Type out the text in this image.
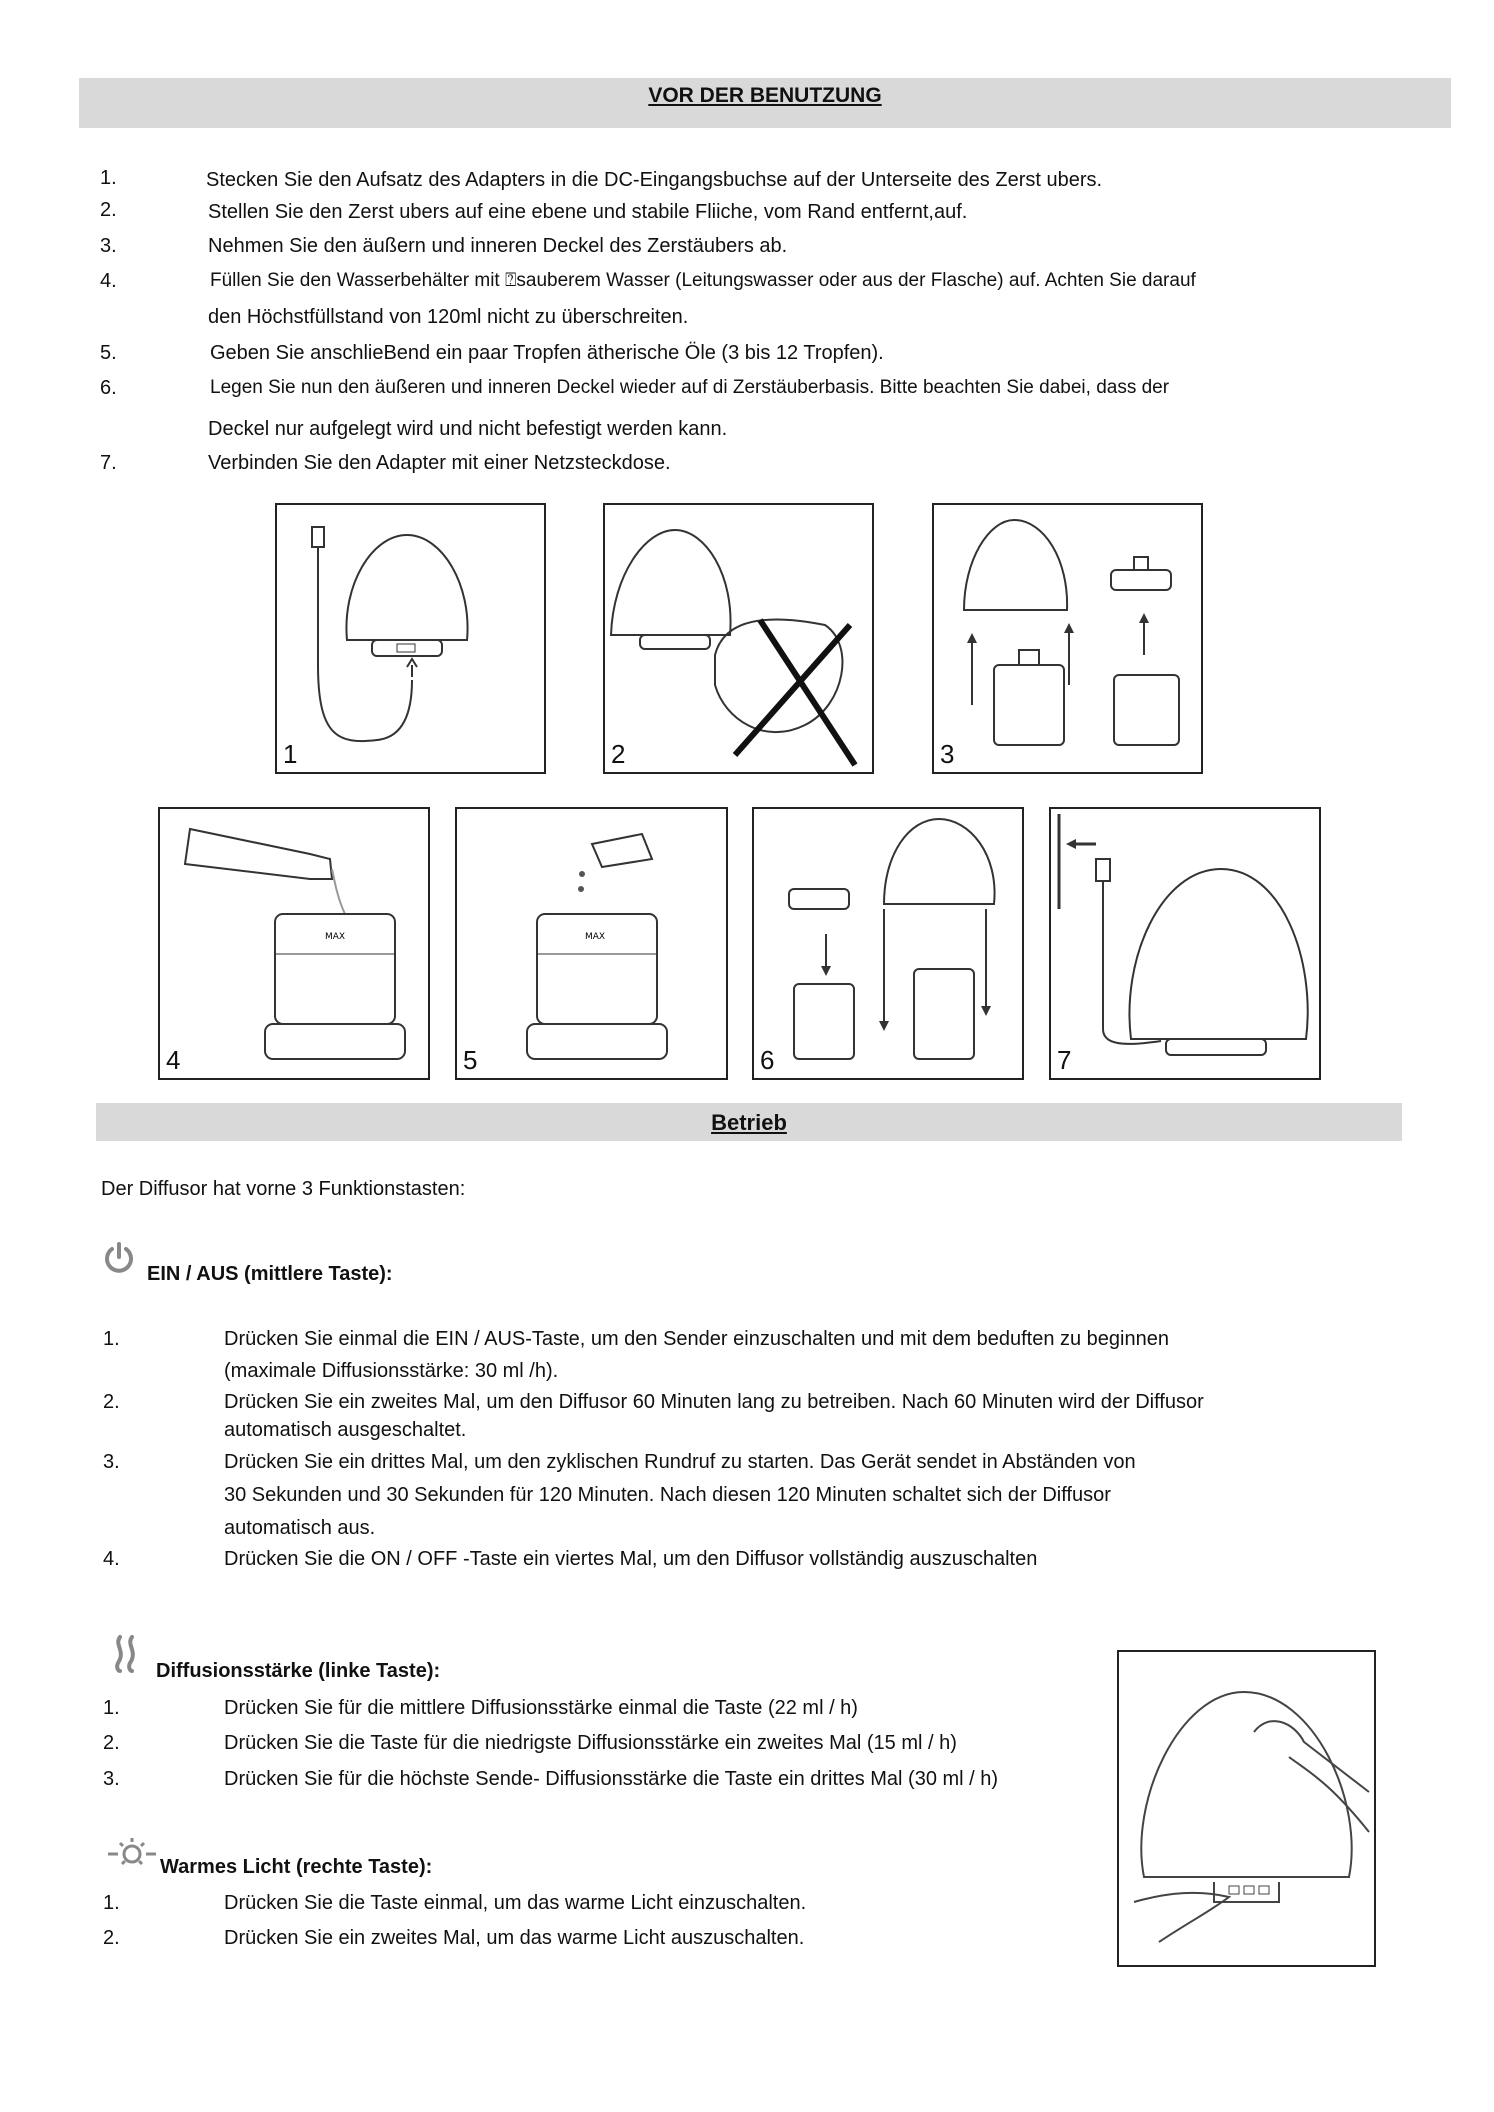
VOR DER BENUTZUNG
1.	Stecken Sie den Aufsatz des Adapters in die DC-Eingangsbuchse auf der Unterseite des Zerst ubers.
2.	Stellen Sie den Zerst ubers auf eine ebene und stabile Fliiche, vom Rand entfernt,auf.
3.	Nehmen Sie den äußern und inneren Deckel des Zerstäubers ab.
4.	Füllen Sie den Wasserbehälter mit ⍰sauberem Wasser (Leitungswasser oder aus der Flasche) auf. Achten Sie darauf
den Höchstfüllstand von 120ml nicht zu überschreiten.
5.	Geben Sie anschlieBend ein paar Tropfen ätherische Öle (3 bis 12 Tropfen).
6.	Legen Sie nun den äußeren und inneren Deckel wieder auf di Zerstäuberbasis. Bitte beachten Sie dabei, dass der
Deckel nur aufgelegt wird und nicht befestigt werden kann.
7.	Verbinden Sie den Adapter mit einer Netzsteckdose.
1	2	3
MAX
4
MAX
5	6	7
Betrieb
Der Diffusor hat vorne 3 Funktionstasten:
EIN / AUS (mittlere Taste):
1.	Drücken Sie einmal die EIN / AUS-Taste, um den Sender einzuschalten und mit dem beduften zu beginnen
(maximale Diffusionsstärke: 30 ml /h).
2.	Drücken Sie ein zweites Mal, um den Diffusor 60 Minuten lang zu betreiben. Nach 60 Minuten wird der Diffusor
automatisch ausgeschaltet.
3.	Drücken Sie ein drittes Mal, um den zyklischen Rundruf zu starten. Das Gerät sendet in Abständen von
30 Sekunden und 30 Sekunden für 120 Minuten. Nach diesen 120 Minuten schaltet sich der Diffusor
automatisch aus.
4.	Drücken Sie die ON / OFF -Taste ein viertes Mal, um den Diffusor vollständig auszuschalten
Diffusionsstärke (linke Taste):
1.	Drücken Sie für die mittlere Diffusionsstärke einmal die Taste (22 ml / h)
2.	Drücken Sie die Taste für die niedrigste Diffusionsstärke ein zweites Mal (15 ml / h)
3.	Drücken Sie für die höchste Sende- Diffusionsstärke die Taste ein drittes Mal (30 ml / h)
Warmes Licht (rechte Taste):
1.	Drücken Sie die Taste einmal, um das warme Licht einzuschalten.
2.	Drücken Sie ein zweites Mal, um das warme Licht auszuschalten.
